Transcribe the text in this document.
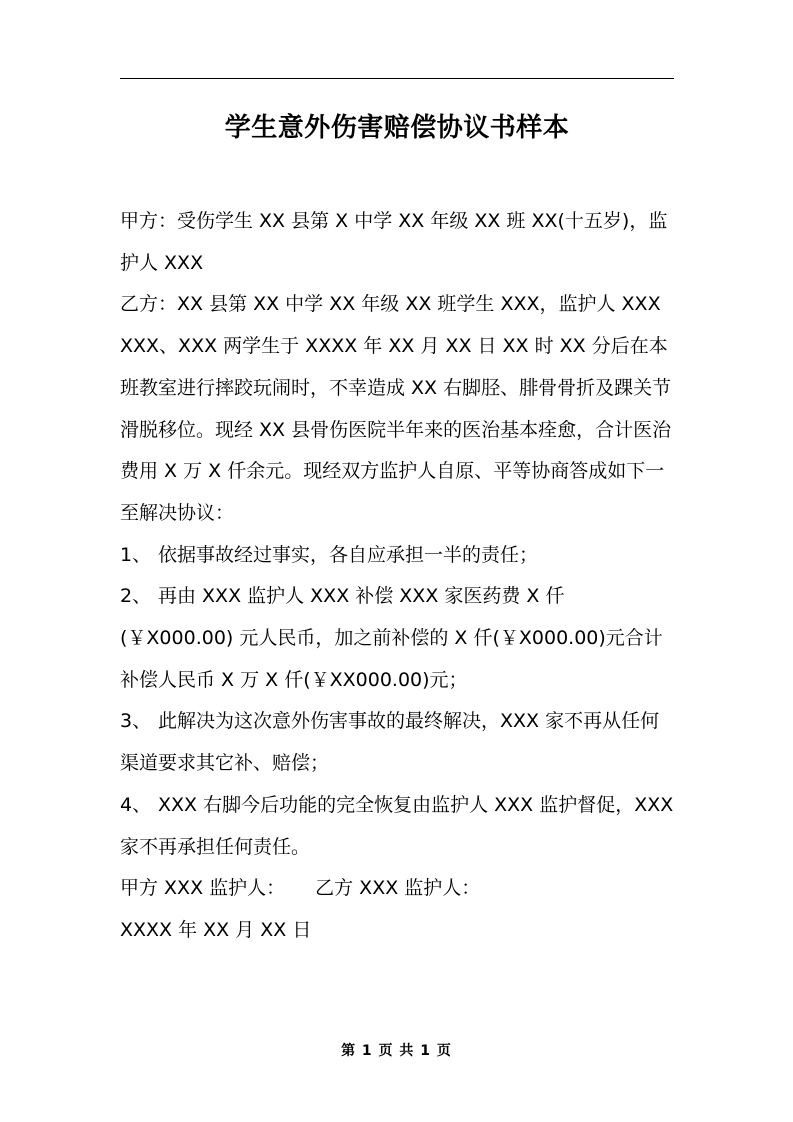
学生意外伤害赔偿协议书样本

甲方：受伤学生 XX 县第 X 中学 XX 年级 XX 班 XX(十五岁)，监护人 XXX

乙方：XX 县第 XX 中学 XX 年级 XX 班学生 XXX，监护人 XXX

XXX、XXX 两学生于 XXXX 年 XX 月 XX 日 XX 时 XX 分后在本班教室进行摔跤玩闹时，不幸造成 XX 右脚胫、腓骨骨折及踝关节滑脱移位。现经 XX 县骨伤医院半年来的医治基本痊愈，合计医治费用 X 万 X 仟余元。现经双方监护人自原、平等协商答成如下一至解决协议：

1、 依据事故经过事实，各自应承担一半的责任；

2、 再由 XXX 监护人 XXX 补偿 XXX 家医药费 X 仟(￥X000.00) 元人民币，加之前补偿的 X 仟(￥X000.00)元合计补偿人民币 X 万 X 仟(￥XX000.00)元；

3、 此解决为这次意外伤害事故的最终解决，XXX 家不再从任何渠道要求其它补、赔偿；

4、 XXX 右脚今后功能的完全恢复由监护人 XXX 监护督促，XXX 家不再承担任何责任。

甲方 XXX 监护人： 乙方 XXX 监护人：

XXXX 年 XX 月 XX 日

第 1 页 共 1 页
